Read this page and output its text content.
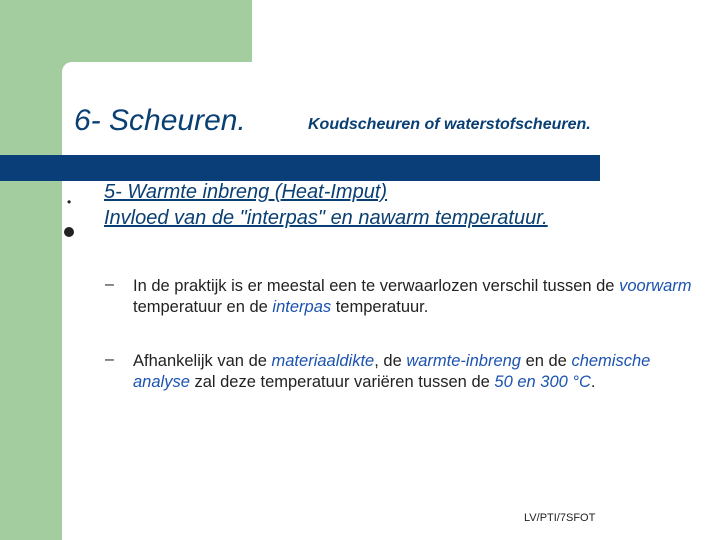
6- Scheuren.	Koudscheuren of waterstofscheuren.
• 5- Warmte inbreng (Heat-Imput)
Invloed van de "interpas" en nawarm temperatuur.
– In de praktijk is er meestal een te verwaarlozen verschil tussen de voorwarm temperatuur en de interpas temperatuur.
– Afhankelijk van de materiaaldikte, de warmte-inbreng en de chemische analyse zal deze temperatuur variëren tussen de 50 en 300 °C.
LV/PTI/7SFOT
